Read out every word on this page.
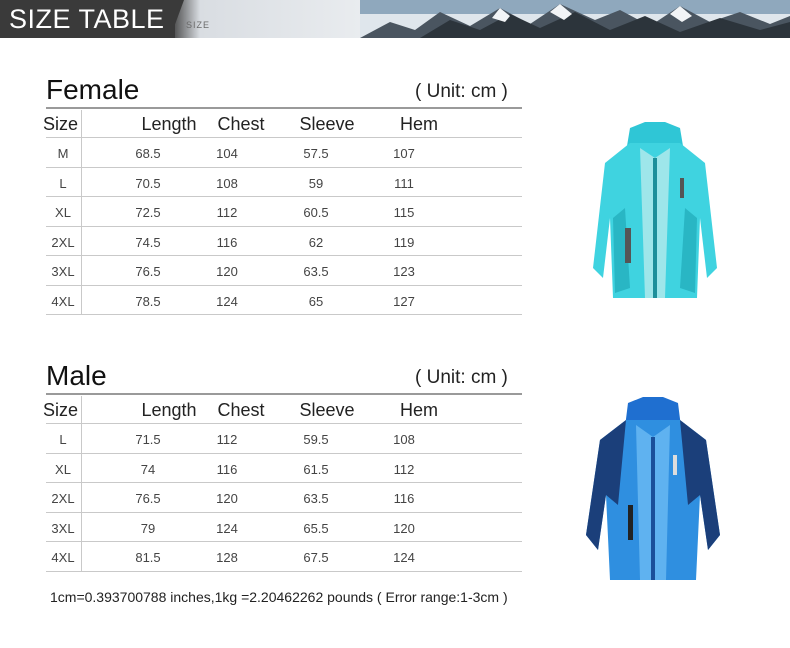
SIZE TABLE SIZE
Female	( Unit: cm )
Size	Length Chest Sleeve	Hem
M	68.5	104	57.5	107
L	70.5	108	59	111
XL	72.5	112	60.5	115
2XL	74.5	116	62	119
3XL	76.5	120	63.5	123
4XL	78.5	124	65	127
Male	( Unit: cm )
Size	Length Chest Sleeve	Hem
L	71.5	112	59.5	108
XL	74	116	61.5	112
2XL	76.5	120	63.5	116
3XL	79	124	65.5	120
4XL	81.5	128	67.5	124
1cm=0.393700788 inches,1kg =2.20462262 pounds ( Error range:1-3cm )
